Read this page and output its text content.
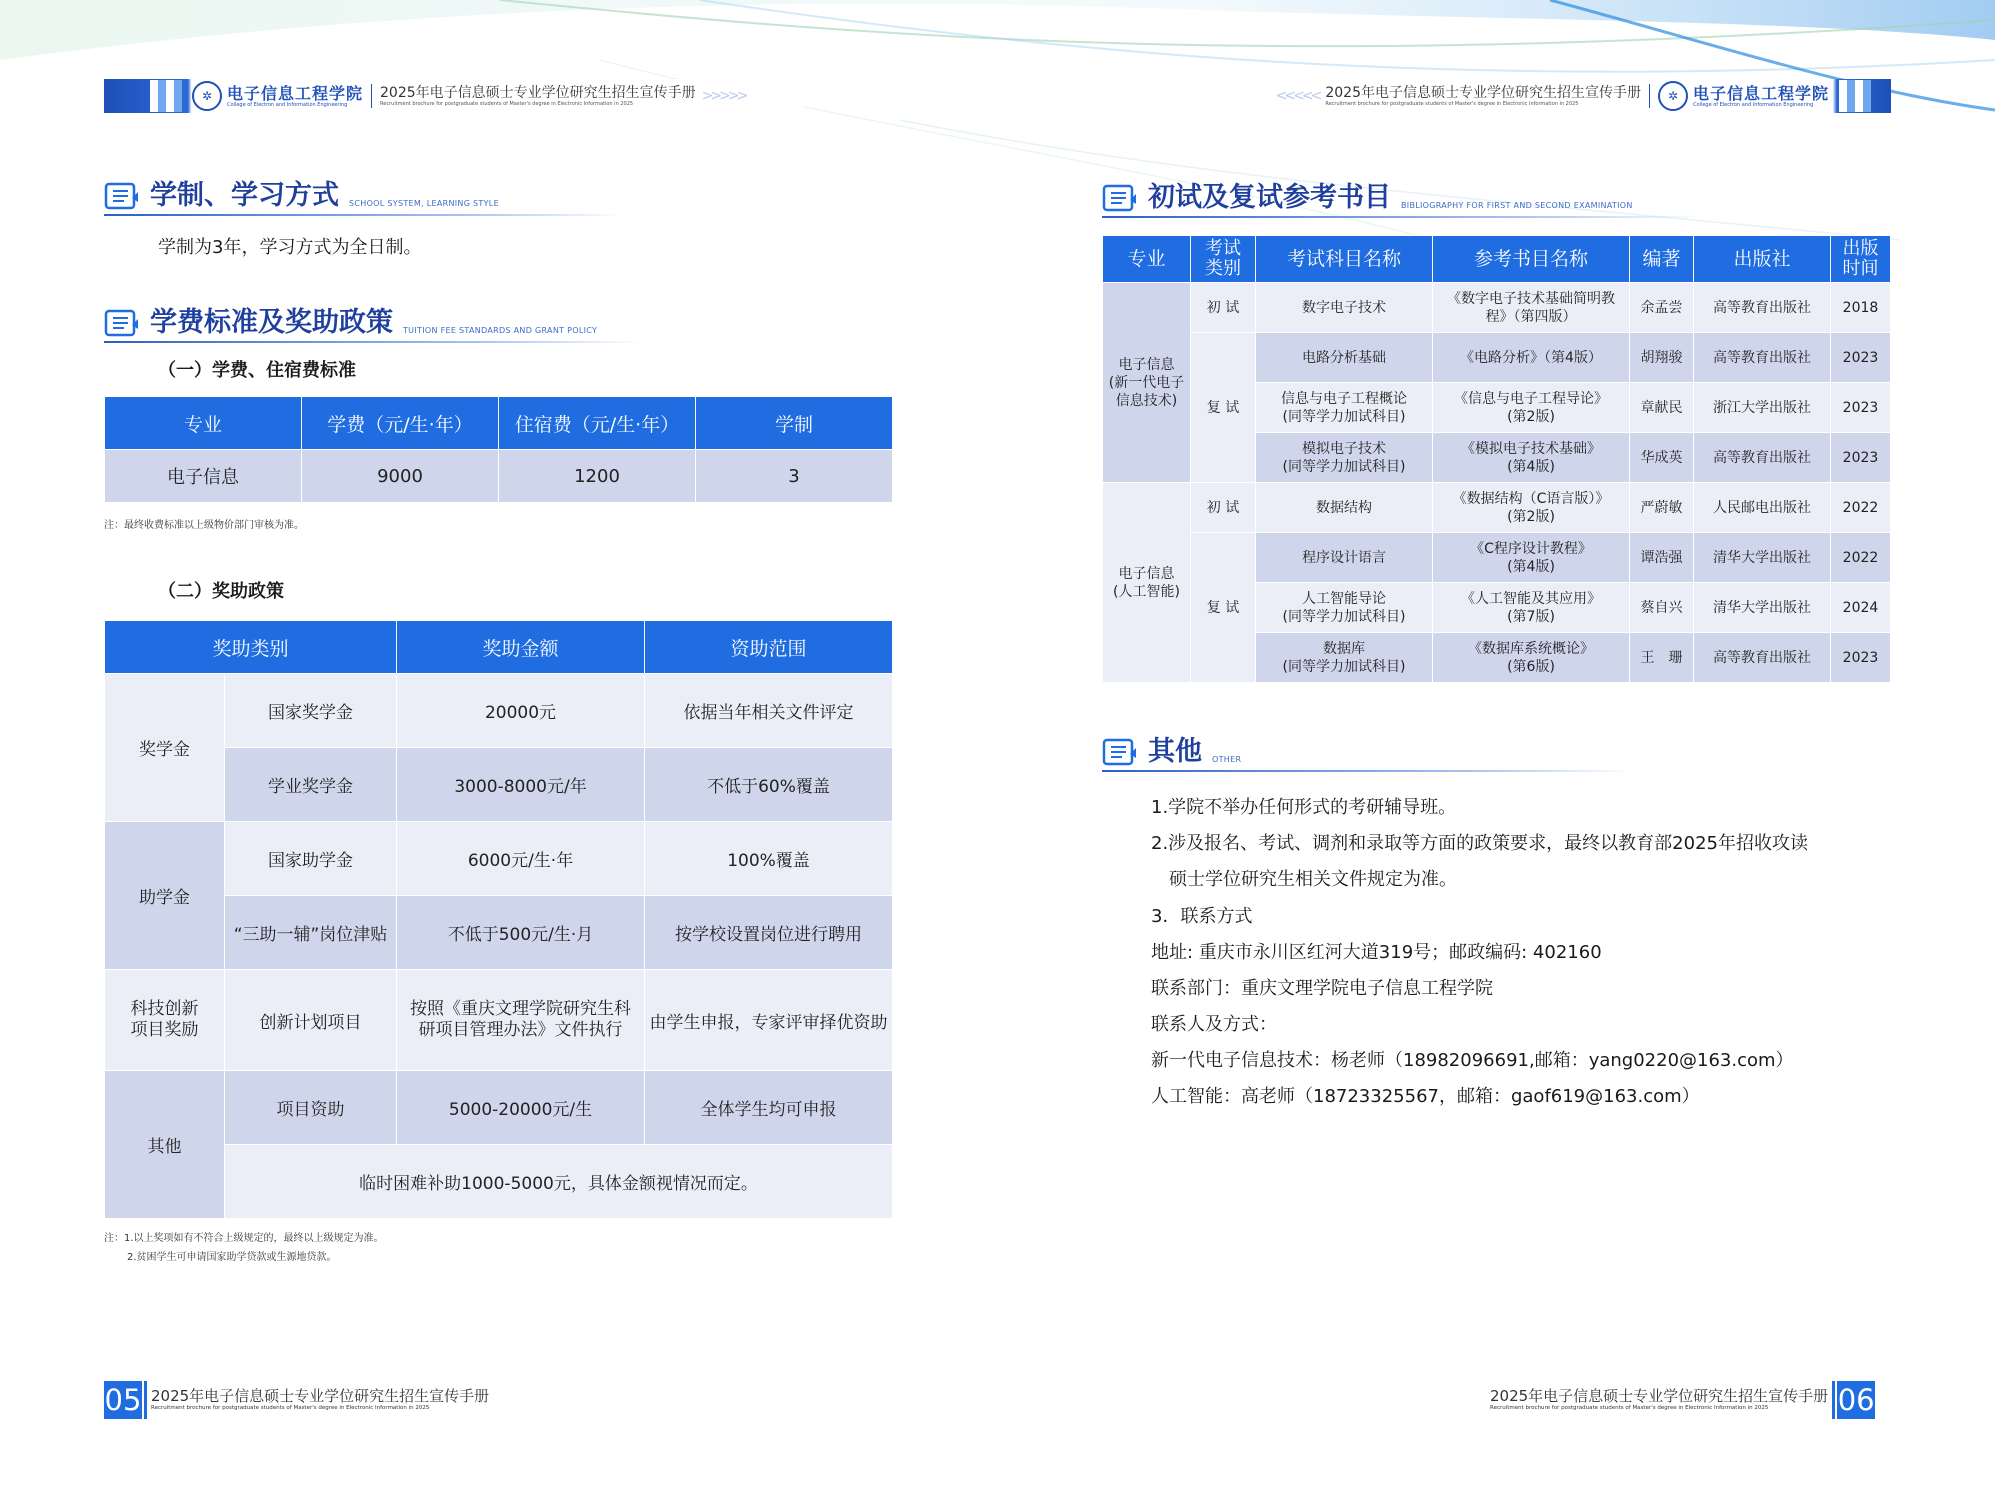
✲ 电子信息工程学院
College of Electron and Information Engineering
2025年电子信息硕士专业学位研究生招生宣传手册
Recruitment brochure for postgraduate students of Master's degree in Electronic Information in 2025	>>>>>	<<<<< 2025年电子信息硕士专业学位研究生招生宣传手册
Recruitment brochure for postgraduate students of Master's degree in Electronic Information in 2025
✲ 电子信息工程学院
College of Electron and Information Engineering
学制、学习方式 SCHOOL SYSTEM, LEARNING STYLE
学制为3年，学习方式为全日制。
学费标准及奖助政策 TUITION FEE STANDARDS AND GRANT POLICY
（一）学费、住宿费标准
专业	学费（元/生·年）	住宿费（元/生·年）	学制
电子信息	9000	1200	3
注：最终收费标准以上级物价部门审核为准。
（二）奖助政策
奖助类别		奖助金额	资助范围
奖学金	国家奖学金	20000元	依据当年相关文件评定
	学业奖学金	3000-8000元/年	不低于60%覆盖
助学金	国家助学金	6000元/生·年	100%覆盖
	“三助一辅”岗位津贴	不低于500元/生·月	按学校设置岗位进行聘用
科技创新
项目奖励	创新计划项目	按照《重庆文理学院研究生科研项目管理办法》文件执行	由学生申报，专家评审择优资助
其他	项目资助	5000-20000元/生	全体学生均可申报
	临时困难补助1000-5000元，具体金额视情况而定。		
注：1.以上奖项如有不符合上级规定的，最终以上级规定为准。
2.贫困学生可申请国家助学贷款或生源地贷款。
初试及复试参考书目 BIBLIOGRAPHY FOR FIRST AND SECOND EXAMINATION
专业	考试类别	考试科目名称	参考书目名称	编著	出版社	出版时间
电子信息
(新一代电子
信息技术)	初 试	数字电子技术	《数字电子技术基础简明教程》（第四版）	余孟尝	高等教育出版社	2018
	复 试	电路分析基础	《电路分析》（第4版）	胡翔骏	高等教育出版社	2023
		信息与电子工程概论
(同等学力加试科目)	《信息与电子工程导论》
(第2版)	章献民	浙江大学出版社	2023
		模拟电子技术
(同等学力加试科目)	《模拟电子技术基础》
(第4版)	华成英	高等教育出版社	2023
电子信息
(人工智能)	初 试	数据结构	《数据结构（C语言版）》
(第2版)	严蔚敏	人民邮电出版社	2022
	复 试	程序设计语言	《C程序设计教程》
(第4版)	谭浩强	清华大学出版社	2022
		人工智能导论
(同等学力加试科目)	《人工智能及其应用》
(第7版)	蔡自兴	清华大学出版社	2024
		数据库
(同等学力加试科目)	《数据库系统概论》
(第6版)	王　珊	高等教育出版社	2023
其他 OTHER
1.学院不举办任何形式的考研辅导班。
2.涉及报名、考试、调剂和录取等方面的政策要求，最终以教育部2025年招收攻读
硕士学位研究生相关文件规定为准。
3．联系方式
地址: 重庆市永川区红河大道319号；邮政编码: 402160
联系部门：重庆文理学院电子信息工程学院
联系人及方式：
新一代电子信息技术：杨老师（18982096691,邮箱：yang0220@163.com）
人工智能：高老师（18723325567，邮箱：gaof619@163.com）
05 2025年电子信息硕士专业学位研究生招生宣传手册
Recruitment brochure for postgraduate students of Master's degree in Electronic Information in 2025
2025年电子信息硕士专业学位研究生招生宣传手册
Recruitment brochure for postgraduate students of Master's degree in Electronic Information in 2025	06
